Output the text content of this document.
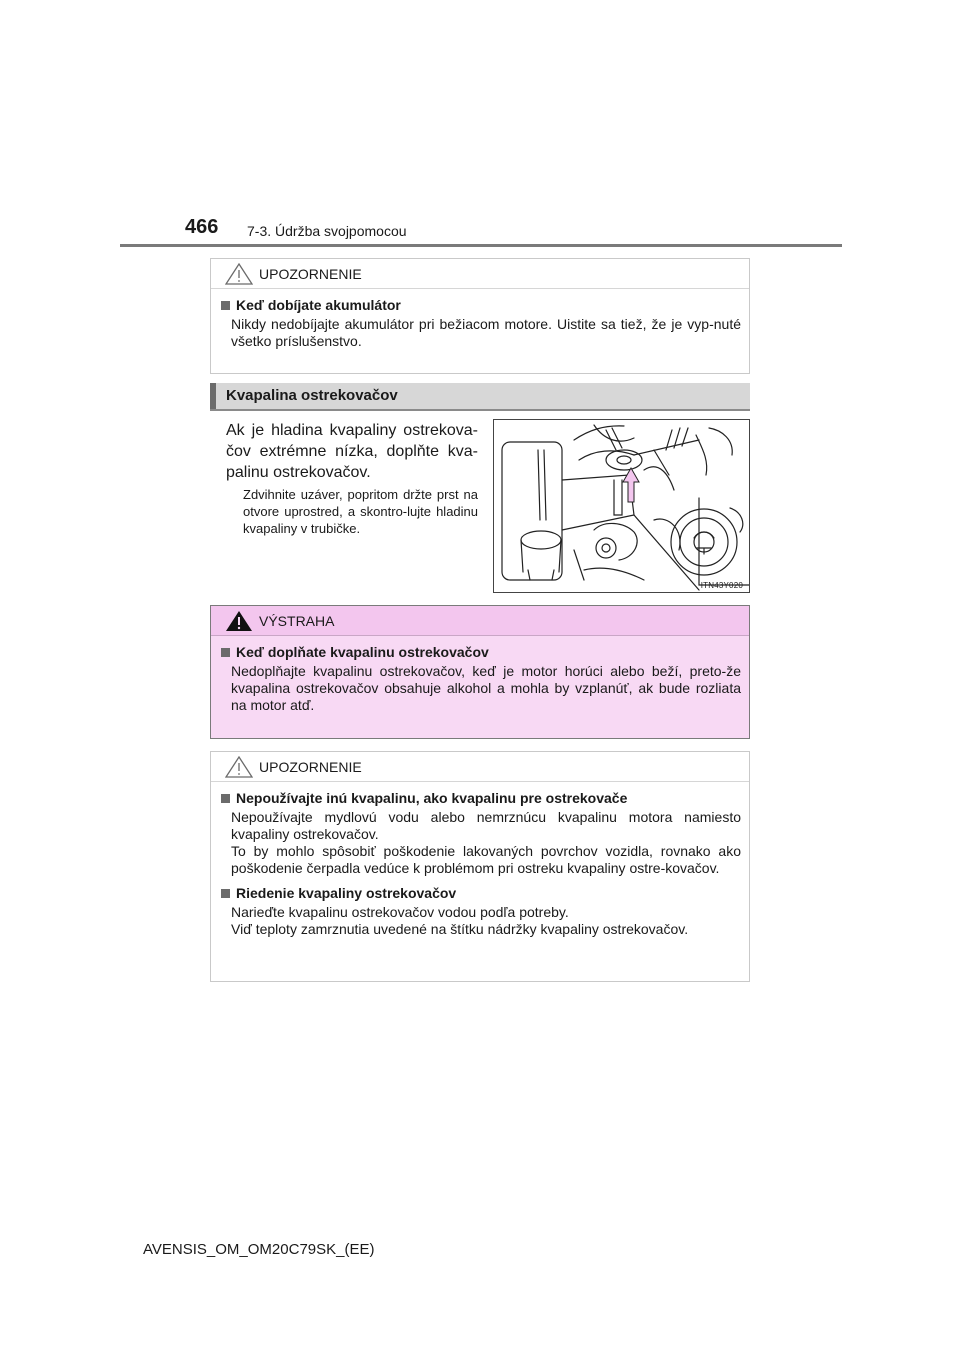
466 7-3. Údržba svojpomocou
UPOZORNENIE
Keď dobíjate akumulátor

Nikdy nedobíjajte akumulátor pri bežiacom motore. Uistite sa tiež, že je vyp-nuté všetko príslušenstvo.

Kvapalina ostrekovačov
Ak je hladina kvapaliny ostrekova-čov extrémne nízka, doplňte kva-palinu ostrekovačov.
Zdvihnite uzáver, popritom držte prst na otvore uprostred, a skontro-lujte hladinu kvapaliny v trubičke.
ITN43Y020
VÝSTRAHA
Keď doplňate kvapalinu ostrekovačov

Nedoplňajte kvapalinu ostrekovačov, keď je motor horúci alebo beží, preto-že kvapalina ostrekovačov obsahuje alkohol a mohla by vzplanúť, ak bude rozliata na motor atď.

UPOZORNENIE
Nepoužívajte inú kvapalinu, ako kvapalinu pre ostrekovače

Nepoužívajte mydlovú vodu alebo nemrznúcu kvapalinu motora namiesto kvapaliny ostrekovačov.

To by mohlo spôsobiť poškodenie lakovaných povrchov vozidla, rovnako ako poškodenie čerpadla vedúce k problémom pri ostreku kvapaliny ostre-kovačov.

Riedenie kvapaliny ostrekovačov

Narieďte kvapalinu ostrekovačov vodou podľa potreby.

Viď teploty zamrznutia uvedené na štítku nádržky kvapaliny ostrekovačov.

AVENSIS_OM_OM20C79SK_(EE)
